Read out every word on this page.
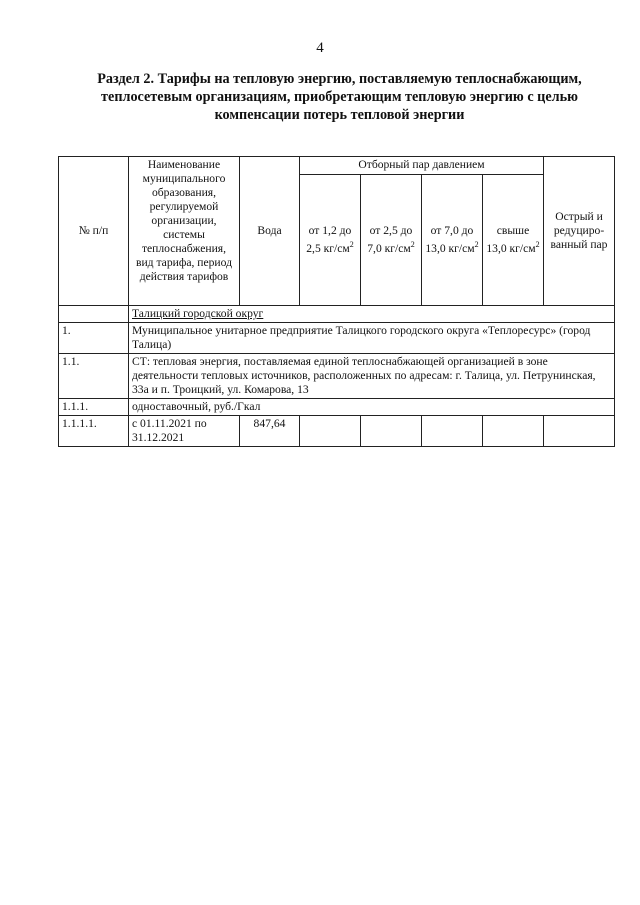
4
Раздел 2. Тарифы на тепловую энергию, поставляемую теплоснабжающим, теплосетевым организациям, приобретающим тепловую энергию с целью компенсации потерь тепловой энергии
№ п/п	Наименование муниципального образования, регулируемой организации, системы теплоснабжения, вид тарифа, период действия тарифов	Вода	Отборный пар давлением				Острый и редуциро-ванный пар
			от 1,2 до 2,5 $кг/см^2$	от 2,5 до 7,0 $кг/см^2$	от 7,0 до 13,0 $кг/см^2$	свыше 13,0 $кг/см^2$
	Талицкий городской округ						
1.	Муниципальное унитарное предприятие Талицкого городского округа «Теплоресурс» (город Талица)						
1.1.	СТ: тепловая энергия, поставляемая единой теплоснабжающей организацией в зоне деятельности тепловых источников, расположенных по адресам: г. Талица, ул. Петрунинская, 33а и п. Троицкий, ул. Комарова, 13						
1.1.1.	одноставочный, руб./Гкал						
1.1.1.1.	с 01.11.2021 по 31.12.2021	847,64					
